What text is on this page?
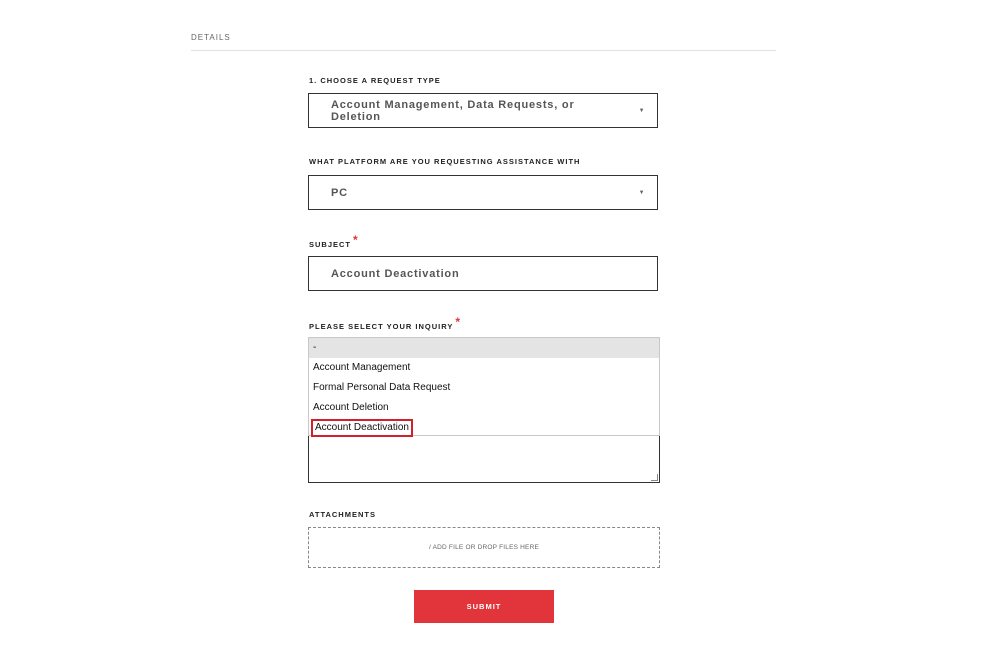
DETAILS
1. CHOOSE A REQUEST TYPE
Account Management, Data Requests, or Deletion	▼
WHAT PLATFORM ARE YOU REQUESTING ASSISTANCE WITH
PC	▼
SUBJECT *
Account Deactivation
PLEASE SELECT YOUR INQUIRY *
-
Account Management
Formal Personal Data Request
Account Deletion
Account Deactivation
ATTACHMENTS
/ ADD FILE OR DROP FILES HERE
SUBMIT
